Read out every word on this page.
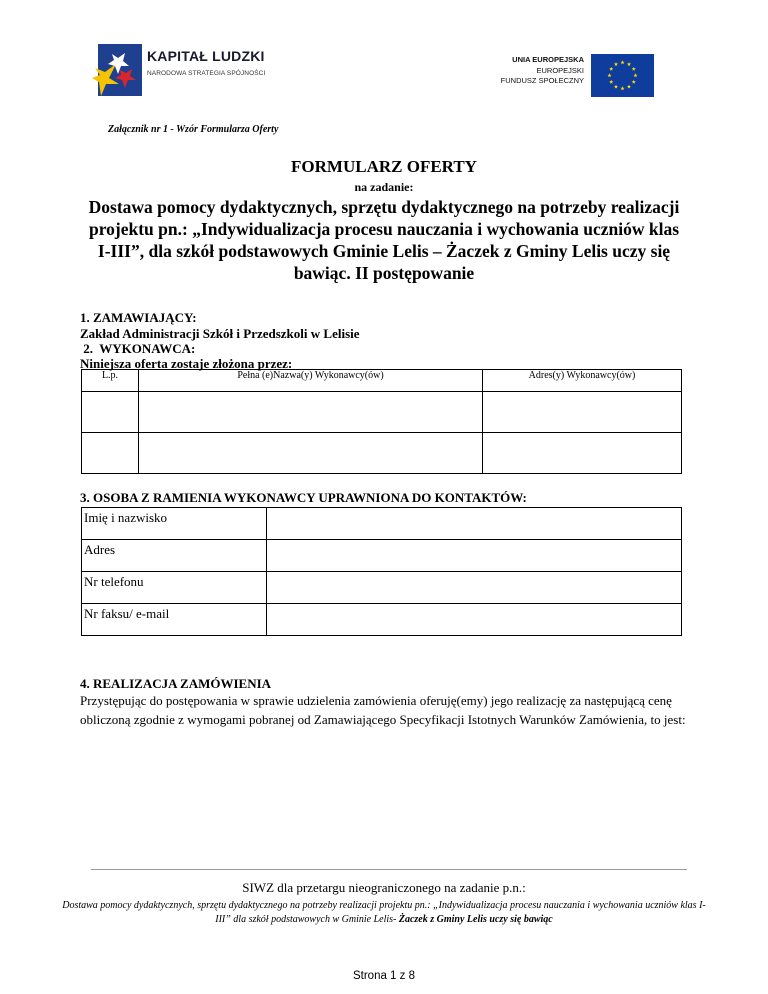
KAPITAŁ LUDZKI
NARODOWA STRATEGIA SPÓJNOŚCI
UNIA EUROPEJSKA
EUROPEJSKI
FUNDUSZ SPOŁECZNY
Załącznik nr 1 - Wzór Formularza Oferty
FORMULARZ OFERTY
na zadanie:
Dostawa pomocy dydaktycznych, sprzętu dydaktycznego na potrzeby realizacji projektu pn.: „Indywidualizacja procesu nauczania i wychowania uczniów klas I-III”, dla szkół podstawowych Gminie Lelis – Żaczek z Gminy Lelis uczy się bawiąc. II postępowanie
1. ZAMAWIAJĄCY:
Zakład Administracji Szkół i Przedszkoli w Lelisie
2.  WYKONAWCA:
Niniejsza oferta zostaje złożona przez:
L.p.	Pełna (e)Nazwa(y) Wykonawcy(ów)	Adres(y) Wykonawcy(ów)

3. OSOBA Z RAMIENIA WYKONAWCY UPRAWNIONA DO KONTAKTÓW:
Imię i nazwisko	
Adres	
Nr telefonu	
Nr faksu/ e-mail	
4. REALIZACJA ZAMÓWIENIA
Przystępując do postępowania w sprawie udzielenia zamówienia oferuję(emy) jego realizację za następującą cenę obliczoną zgodnie z wymogami pobranej od Zamawiającego Specyfikacji Istotnych Warunków Zamówienia, to jest:
SIWZ dla przetargu nieograniczonego na zadanie p.n.:
Dostawa pomocy dydaktycznych, sprzętu dydaktycznego na potrzeby realizacji projektu pn.: „Indywidualizacja procesu nauczania i wychowania uczniów klas I-III” dla szkół podstawowych w Gminie Lelis- Żaczek z Gminy Lelis uczy się bawiąc
Strona 1 z 8
